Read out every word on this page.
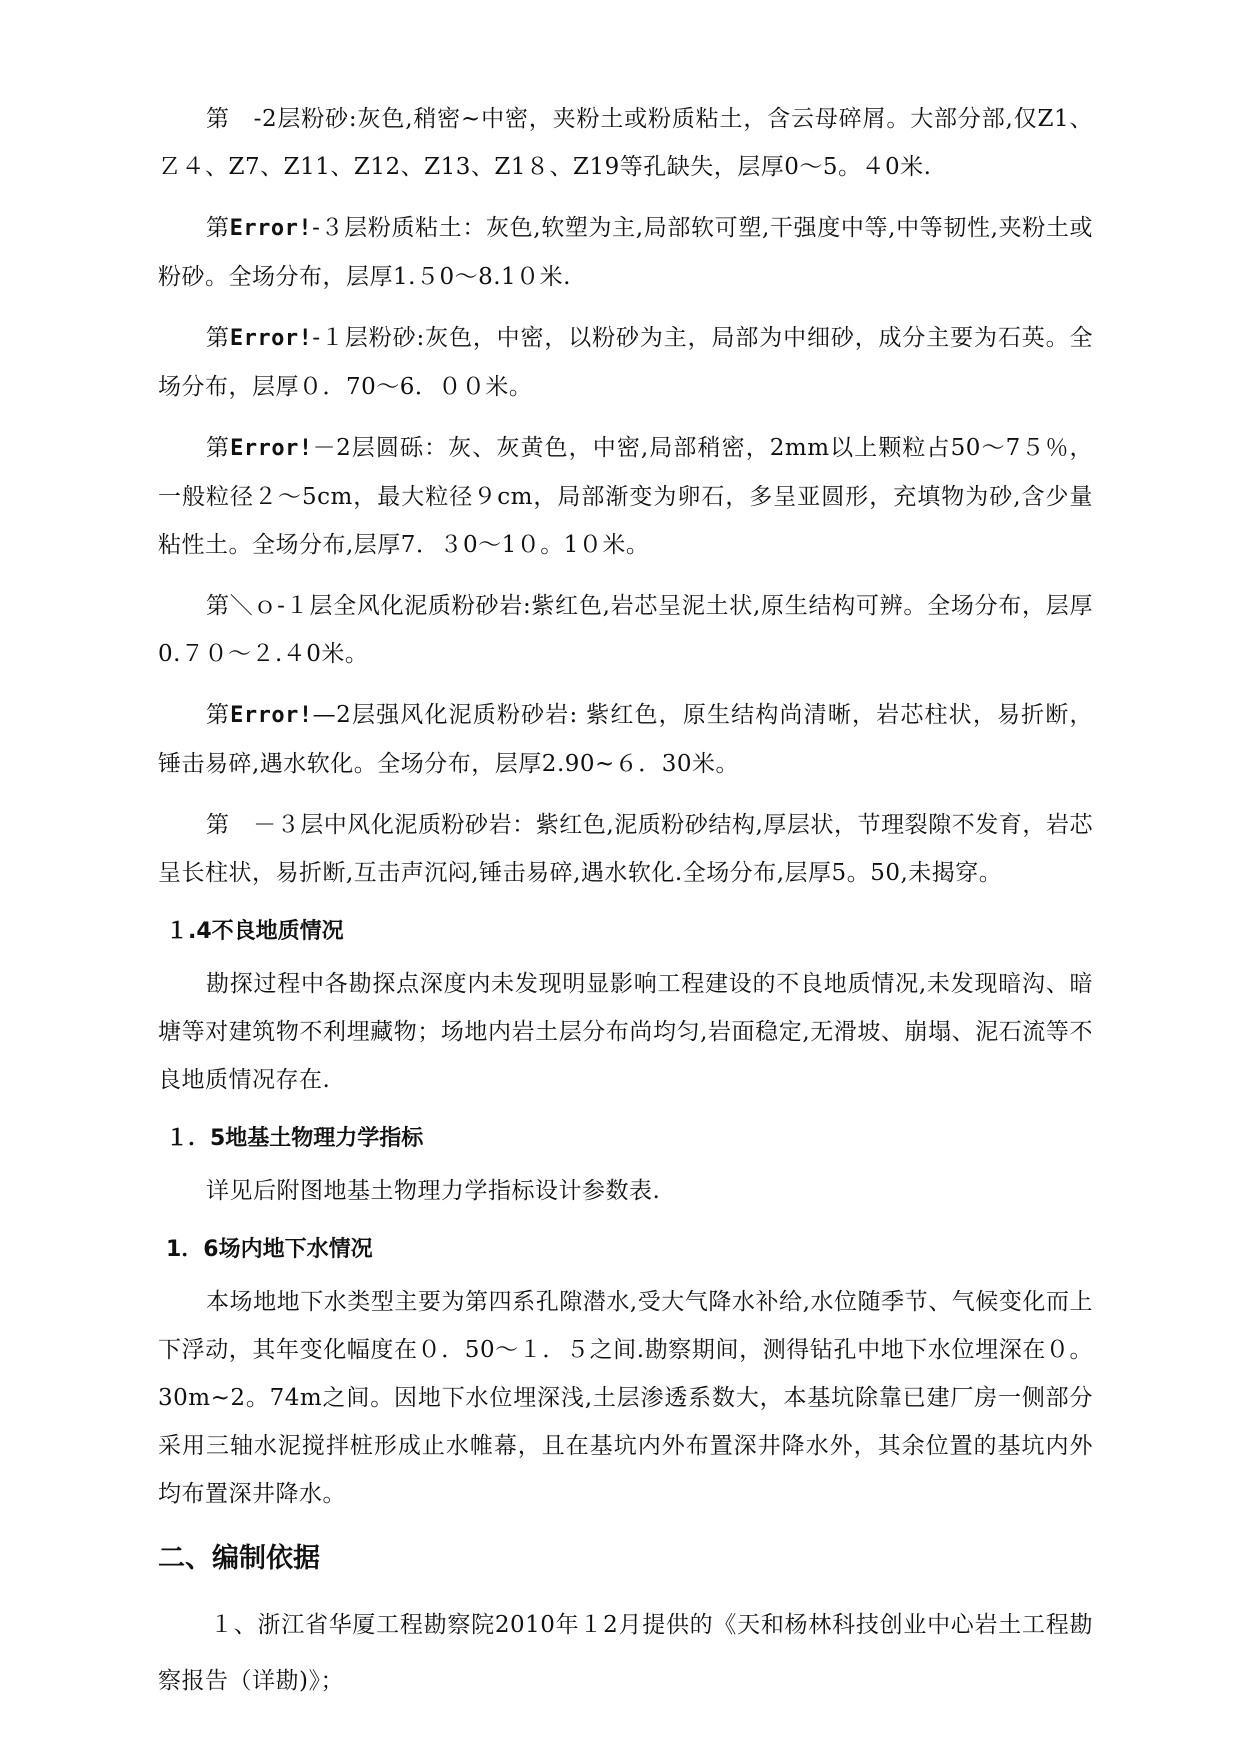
第　-2层粉砂:灰色,稍密~中密，夹粉土或粉质粘土，含云母碎屑。大部分部,仅Z1、Ｚ４、Z7、Z11、Z12、Z13、Z1８、Z19等孔缺失，层厚0～5。４0米.

第Error!-３层粉质粘土：灰色,软塑为主,局部软可塑,干强度中等,中等韧性,夹粉土或粉砂。全场分布，层厚1.５0～8.1０米.

第Error!-１层粉砂:灰色，中密，以粉砂为主，局部为中细砂，成分主要为石英。全场分布，层厚０．70～6．００米。

第Error!－2层圆砾：灰、灰黄色，中密,局部稍密，2mm以上颗粒占50～7５％，一般粒径２～5cm，最大粒径９cm，局部渐变为卵石，多呈亚圆形，充填物为砂,含少量粘性土。全场分布,层厚7．３0～1０。1０米。

第＼ｏ-１层全风化泥质粉砂岩:紫红色,岩芯呈泥土状,原生结构可辨。全场分布，层厚0.７０～２.４0米。

第Error!—2层强风化泥质粉砂岩: 紫红色，原生结构尚清晰，岩芯柱状，易折断，锤击易碎,遇水软化。全场分布，层厚2.90~６．30米。

第　－３层中风化泥质粉砂岩：紫红色,泥质粉砂结构,厚层状，节理裂隙不发育，岩芯呈长柱状，易折断,互击声沉闷,锤击易碎,遇水软化.全场分布,层厚5。50,未揭穿。

１.4不良地质情况

勘探过程中各勘探点深度内未发现明显影响工程建设的不良地质情况,未发现暗沟、暗塘等对建筑物不利埋藏物；场地内岩土层分布尚均匀,岩面稳定,无滑坡、崩塌、泥石流等不良地质情况存在.

１．5地基土物理力学指标

详见后附图地基土物理力学指标设计参数表.

1．6场内地下水情况

本场地地下水类型主要为第四系孔隙潜水,受大气降水补给,水位随季节、气候变化而上下浮动，其年变化幅度在０．50～１．５之间.勘察期间，测得钻孔中地下水位埋深在０。30m~2。74m之间。因地下水位埋深浅,土层渗透系数大，本基坑除靠已建厂房一侧部分采用三轴水泥搅拌桩形成止水帷幕，且在基坑内外布置深井降水外，其余位置的基坑内外均布置深井降水。

二、编制依据

１、浙江省华厦工程勘察院2010年１2月提供的《天和杨林科技创业中心岩土工程勘察报告（详勘)》；
